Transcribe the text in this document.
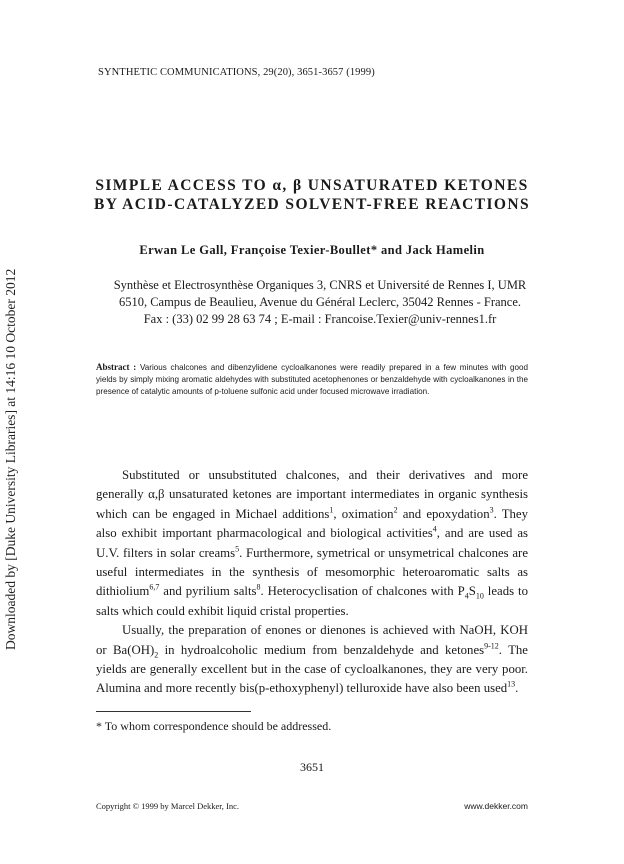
Downloaded by [Duke University Libraries] at 14:16 10 October 2012
SYNTHETIC COMMUNICATIONS, 29(20), 3651-3657 (1999)
SIMPLE ACCESS TO α, β UNSATURATED KETONES
BY ACID-CATALYZED SOLVENT-FREE REACTIONS
Erwan Le Gall, Françoise Texier-Boullet* and Jack Hamelin
Synthèse et Electrosynthèse Organiques 3, CNRS et Université de Rennes I, UMR
6510, Campus de Beaulieu, Avenue du Général Leclerc, 35042 Rennes - France.
Fax : (33) 02 99 28 63 74 ; E-mail : Francoise.Texier@univ-rennes1.fr
Abstract : Various chalcones and dibenzylidene cycloalkanones were readily prepared in a few minutes with good yields by simply mixing aromatic aldehydes with substituted acetophenones or benzaldehyde with cycloalkanones in the presence of catalytic amounts of p-toluene sulfonic acid under focused microwave irradiation.

Substituted or unsubstituted chalcones, and their derivatives and more generally α,β unsaturated ketones are important intermediates in organic synthesis which can be engaged in Michael additions$^1$, oximation$^2$ and epoxydation$^3$. They also exhibit important pharmacological and biological activities$^4$, and are used as U.V. filters in solar creams$^5$. Furthermore, symetrical or unsymetrical chalcones are useful intermediates in the synthesis of mesomorphic heteroaromatic salts as dithiolium$^{6,7}$ and pyrilium salts$^8$. Heterocyclisation of chalcones with $P_4S_{10}$ leads to salts which could exhibit liquid cristal properties.

Usually, the preparation of enones or dienones is achieved with NaOH, KOH or $Ba(OH)_2$ in hydroalcoholic medium from benzaldehyde and ketones$^{9-12}$. The yields are generally excellent but in the case of cycloalkanones, they are very poor. Alumina and more recently bis(p-ethoxyphenyl) telluroxide have also been used$^{13}$.

* To whom correspondence should be addressed.
3651
Copyright © 1999 by Marcel Dekker, Inc.	www.dekker.com
